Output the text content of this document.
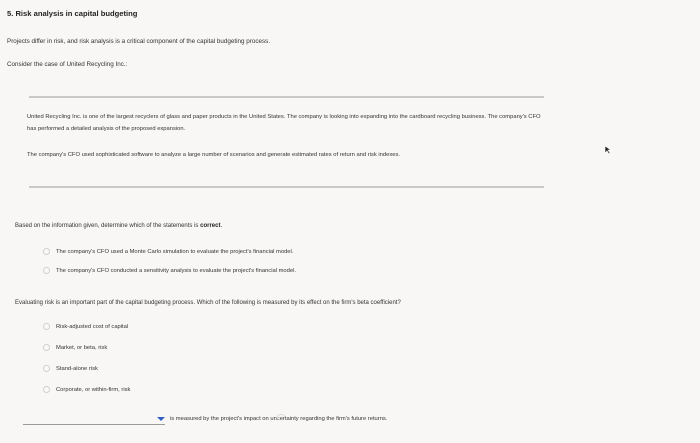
5. Risk analysis in capital budgeting
Projects differ in risk, and risk analysis is a critical component of the capital budgeting process.
Consider the case of United Recycling Inc.:
United Recycling Inc. is one of the largest recyclers of glass and paper products in the United States. The company is looking into expanding into the cardboard recycling business. The company's CFO has performed a detailed analysis of the proposed expansion.
The company's CFO used sophisticated software to analyze a large number of scenarios and generate estimated rates of return and risk indexes.
Based on the information given, determine which of the statements is correct.
The company's CFO used a Monte Carlo simulation to evaluate the project's financial model.
The company's CFO conducted a sensitivity analysis to evaluate the project's financial model.
Evaluating risk is an important part of the capital budgeting process. Which of the following is measured by its effect on the firm's beta coefficient?
Risk-adjusted cost of capital
Market, or beta, risk
Stand-alone risk
Corporate, or within-firm, risk
is measured by the project's impact on uncertainty regarding the firm's future returns.
